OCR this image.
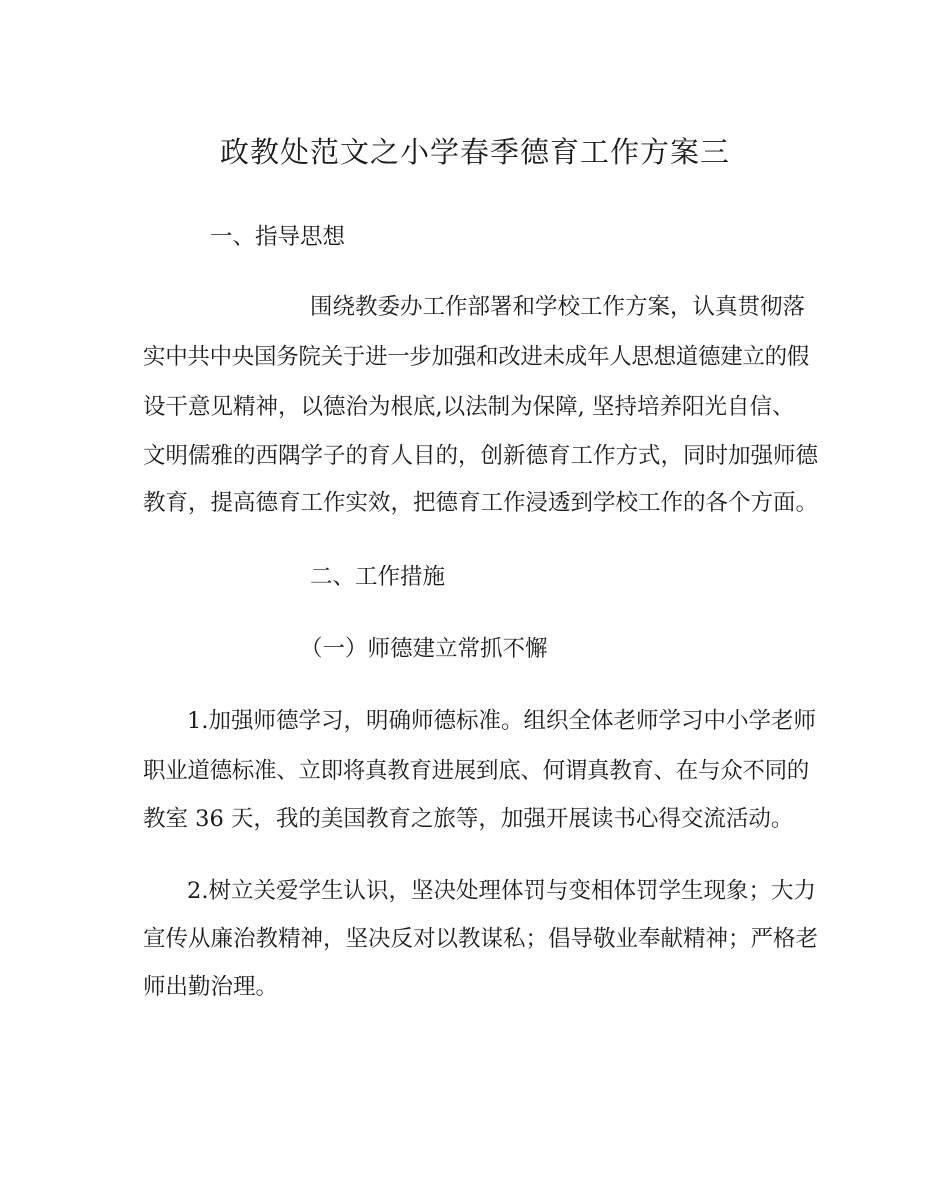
政教处范文之小学春季德育工作方案三
一、指导思想
围绕教委办工作部署和学校工作方案，认真贯彻落
实中共中央国务院关于进一步加强和改进未成年人思想道德建立的假
设干意见精神，以德治为根底,以法制为保障, 坚持培养阳光自信、
文明儒雅的西隅学子的育人目的，创新德育工作方式，同时加强师德
教育，提高德育工作实效，把德育工作浸透到学校工作的各个方面。
二、工作措施
（一）师德建立常抓不懈
1.加强师德学习，明确师德标准。组织全体老师学习中小学老师
职业道德标准、立即将真教育进展到底、何谓真教育、在与众不同的
教室 36 天，我的美国教育之旅等，加强开展读书心得交流活动。
2.树立关爱学生认识，坚决处理体罚与变相体罚学生现象；大力
宣传从廉治教精神，坚决反对以教谋私；倡导敬业奉献精神；严格老
师出勤治理。
